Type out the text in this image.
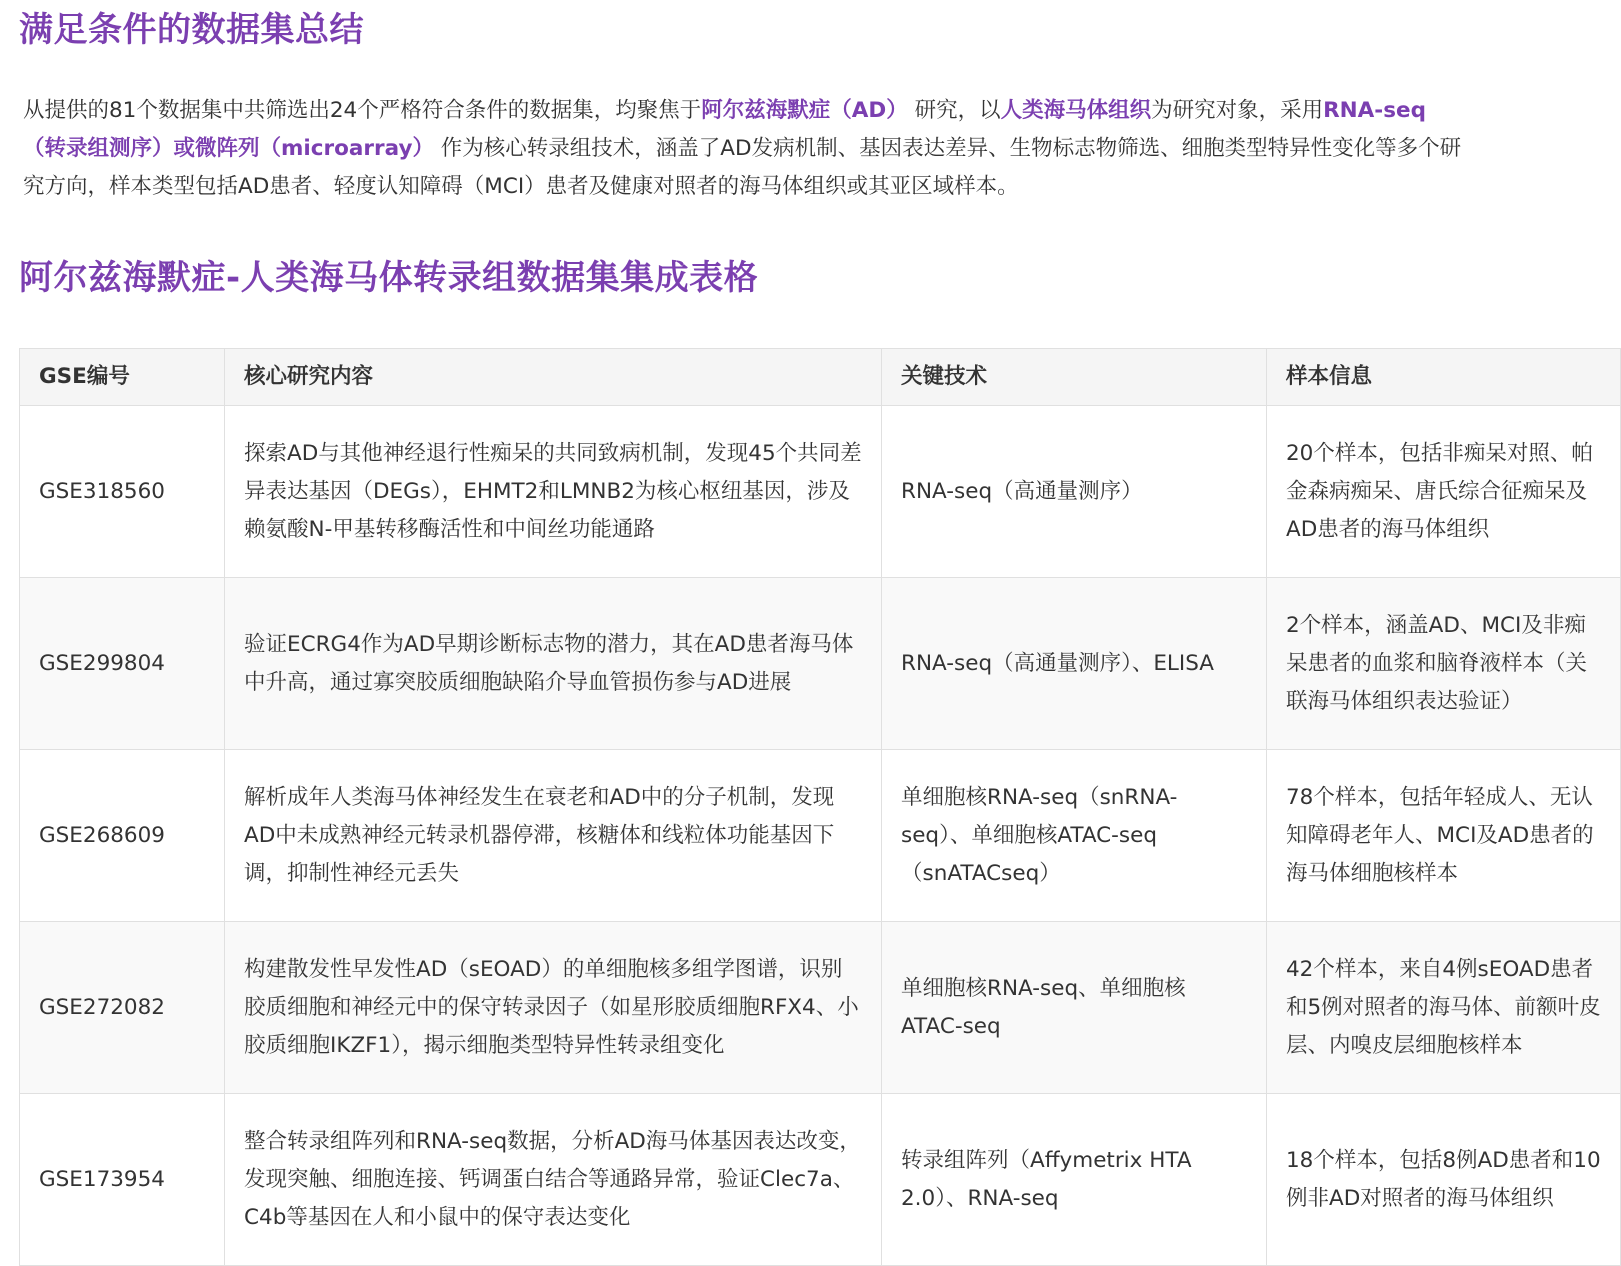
满足条件的数据集总结

从提供的81个数据集中共筛选出24个严格符合条件的数据集，均聚焦于阿尔兹海默症（AD） 研究，以人类海马体组织为研究对象，采用RNA-seq（转录组测序）或微阵列（microarray） 作为核心转录组技术，涵盖了AD发病机制、基因表达差异、生物标志物筛选、细胞类型特异性变化等多个研究方向，样本类型包括AD患者、轻度认知障碍（MCI）患者及健康对照者的海马体组织或其亚区域样本。

阿尔兹海默症-人类海马体转录组数据集集成表格
GSE编号	核心研究内容	关键技术	样本信息
GSE318560	探索AD与其他神经退行性痴呆的共同致病机制，发现45个共同差异表达基因（DEGs），EHMT2和LMNB2为核心枢纽基因，涉及赖氨酸N-甲基转移酶活性和中间丝功能通路	RNA-seq（高通量测序）	20个样本，包括非痴呆对照、帕金森病痴呆、唐氏综合征痴呆及AD患者的海马体组织
GSE299804	验证ECRG4作为AD早期诊断标志物的潜力，其在AD患者海马体中升高，通过寡突胶质细胞缺陷介导血管损伤参与AD进展	RNA-seq（高通量测序）、ELISA	2个样本，涵盖AD、MCI及非痴呆患者的血浆和脑脊液样本（关联海马体组织表达验证）
GSE268609	解析成年人类海马体神经发生在衰老和AD中的分子机制，发现AD中未成熟神经元转录机器停滞，核糖体和线粒体功能基因下调，抑制性神经元丢失	单细胞核RNA-seq（snRNA-seq）、单细胞核ATAC-seq（snATACseq）	78个样本，包括年轻成人、无认知障碍老年人、MCI及AD患者的海马体细胞核样本
GSE272082	构建散发性早发性AD（sEOAD）的单细胞核多组学图谱，识别胶质细胞和神经元中的保守转录因子（如星形胶质细胞RFX4、小胶质细胞IKZF1），揭示细胞类型特异性转录组变化	单细胞核RNA-seq、单细胞核ATAC-seq	42个样本，来自4例sEOAD患者和5例对照者的海马体、前额叶皮层、内嗅皮层细胞核样本
GSE173954	整合转录组阵列和RNA-seq数据，分析AD海马体基因表达改变，发现突触、细胞连接、钙调蛋白结合等通路异常，验证Clec7a、C4b等基因在人和小鼠中的保守表达变化	转录组阵列（Affymetrix HTA 2.0）、RNA-seq	18个样本，包括8例AD患者和10例非AD对照者的海马体组织
